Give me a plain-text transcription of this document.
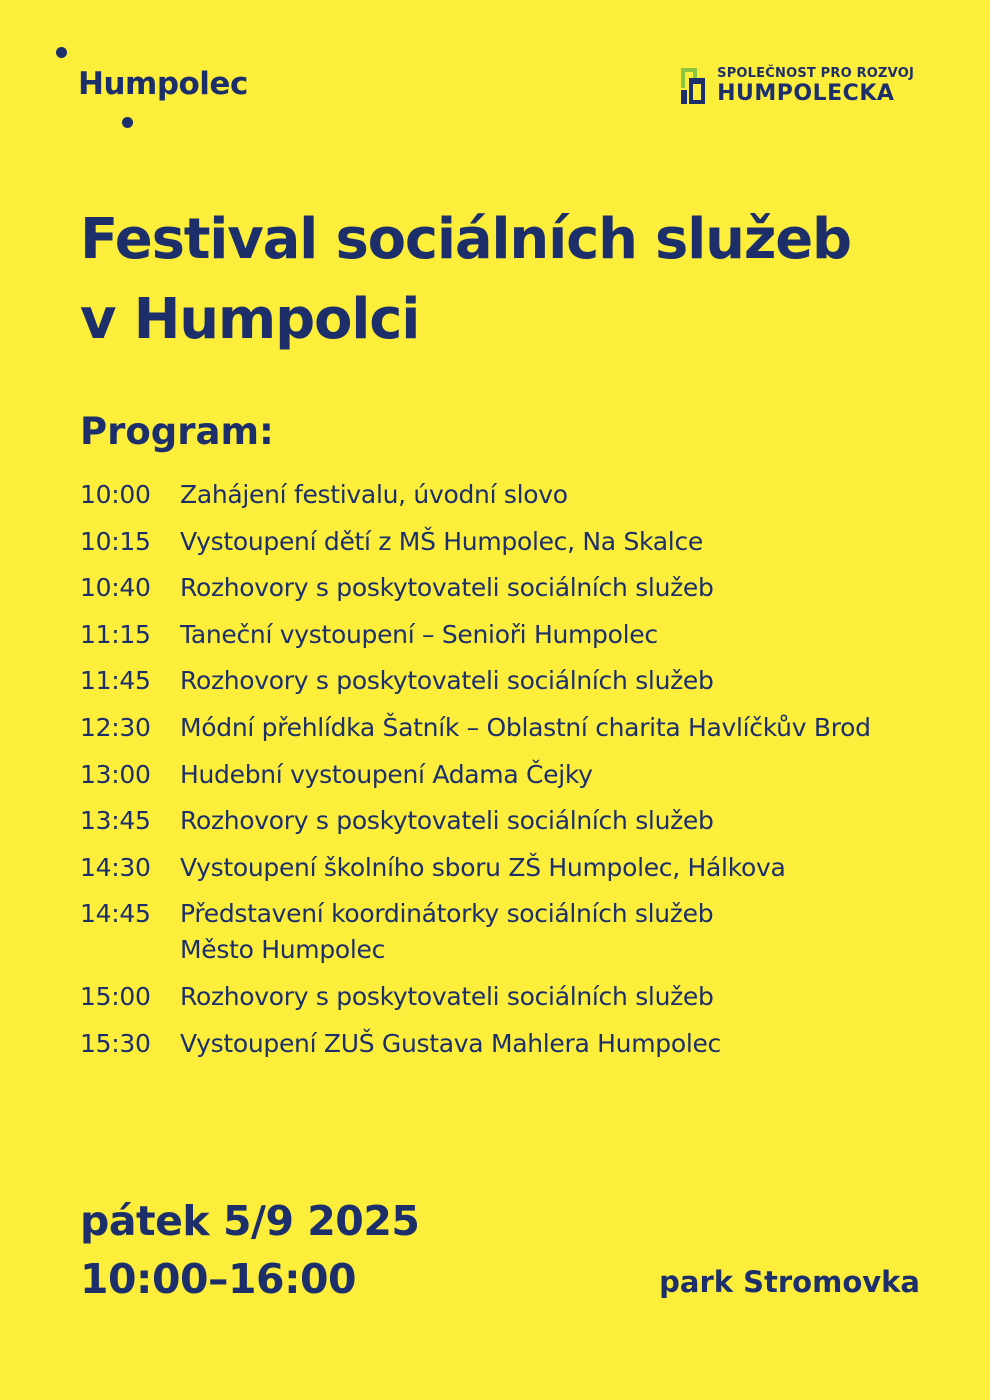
Humpolec	SPOLEČNOST PRO ROZVOJ
HUMPOLECKA
Festival sociálních služeb
v Humpolci
Program:
10:00	Zahájení festivalu, úvodní slovo
10:15	Vystoupení dětí z MŠ Humpolec, Na Skalce
10:40	Rozhovory s poskytovateli sociálních služeb
11:15	Taneční vystoupení – Senioři Humpolec
11:45	Rozhovory s poskytovateli sociálních služeb
12:30	Módní přehlídka Šatník – Oblastní charita Havlíčkův Brod
13:00	Hudební vystoupení Adama Čejky
13:45	Rozhovory s poskytovateli sociálních služeb
14:30	Vystoupení školního sboru ZŠ Humpolec, Hálkova
14:45	Představení koordinátorky sociálních služeb
Město Humpolec
15:00	Rozhovory s poskytovateli sociálních služeb
15:30	Vystoupení ZUŠ Gustava Mahlera Humpolec
pátek 5/9 2025
10:00–16:00	park Stromovka
